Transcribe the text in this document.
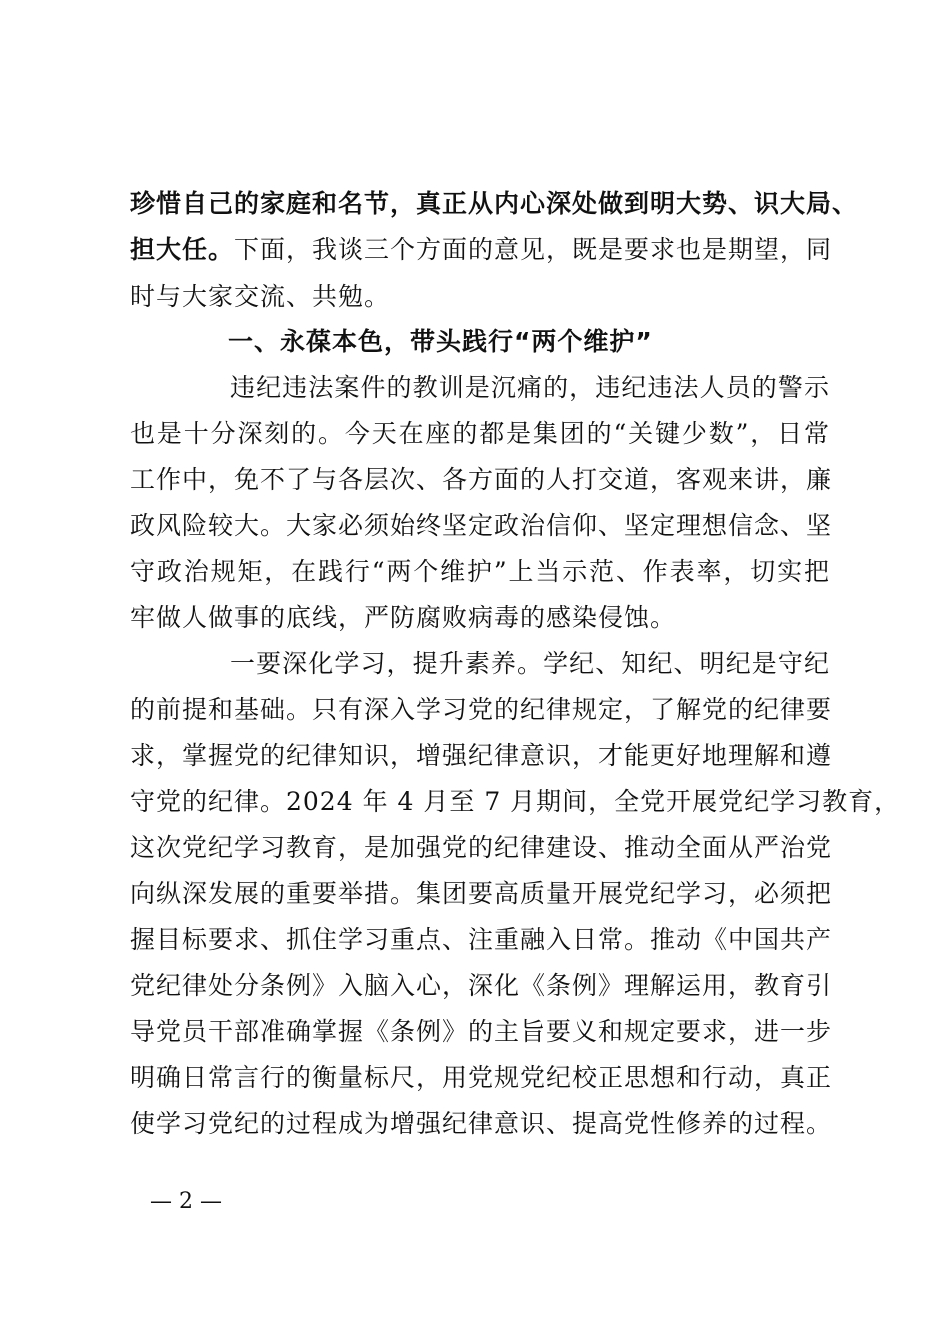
珍惜自己的家庭和名节，真正从内心深处做到明大势、识大局、
担大任。下面，我谈三个方面的意见，既是要求也是期望，同
时与大家交流、共勉。
一、永葆本色，带头践行“两个维护”
违纪违法案件的教训是沉痛的，违纪违法人员的警示
也是十分深刻的。今天在座的都是集团的“关键少数”，日常
工作中，免不了与各层次、各方面的人打交道，客观来讲，廉
政风险较大。大家必须始终坚定政治信仰、坚定理想信念、坚
守政治规矩，在践行“两个维护”上当示范、作表率，切实把
牢做人做事的底线，严防腐败病毒的感染侵蚀。
一要深化学习，提升素养。学纪、知纪、明纪是守纪
的前提和基础。只有深入学习党的纪律规定，了解党的纪律要
求，掌握党的纪律知识，增强纪律意识，才能更好地理解和遵
守党的纪律。2024 年 4 月至 7 月期间，全党开展党纪学习教育，
这次党纪学习教育，是加强党的纪律建设、推动全面从严治党
向纵深发展的重要举措。集团要高质量开展党纪学习，必须把
握目标要求、抓住学习重点、注重融入日常。推动《中国共产
党纪律处分条例》入脑入心，深化《条例》理解运用，教育引
导党员干部准确掌握《条例》的主旨要义和规定要求，进一步
明确日常言行的衡量标尺，用党规党纪校正思想和行动，真正
使学习党纪的过程成为增强纪律意识、提高党性修养的过程。
— 2 —
